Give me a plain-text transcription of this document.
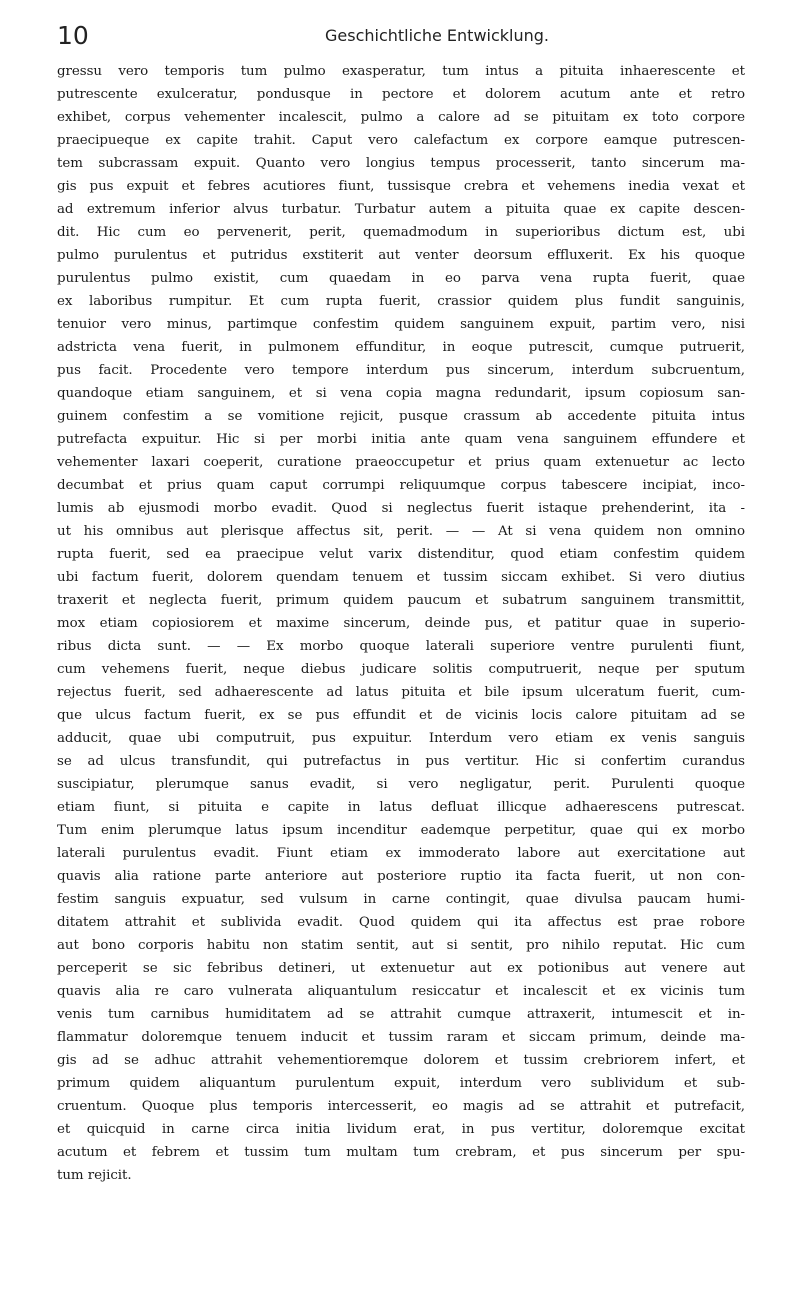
10	Geschichtliche Entwicklung.
gressu vero temporis tum pulmo exasperatur, tum intus a pituita inhaerescente et
putrescente exulceratur, pondusque in pectore et dolorem acutum ante et retro
exhibet, corpus vehementer incalescit, pulmo a calore ad se pituitam ex toto corpore
praecipueque ex capite trahit. Caput vero calefactum ex corpore eamque putrescen-
tem subcrassam expuit. Quanto vero longius tempus processerit, tanto sincerum ma-
gis pus expuit et febres acutiores fiunt, tussisque crebra et vehemens inedia vexat et
ad extremum inferior alvus turbatur. Turbatur autem a pituita quae ex capite descen-
dit. Hic cum eo pervenerit, perit, quemadmodum in superioribus dictum est, ubi
pulmo purulentus et putridus exstiterit aut venter deorsum effluxerit. Ex his quoque
purulentus pulmo existit, cum quaedam in eo parva vena rupta fuerit, quae
ex laboribus rumpitur. Et cum rupta fuerit, crassior quidem plus fundit sanguinis,
tenuior vero minus, partimque confestim quidem sanguinem expuit, partim vero, nisi
adstricta vena fuerit, in pulmonem effunditur, in eoque putrescit, cumque putruerit,
pus facit. Procedente vero tempore interdum pus sincerum, interdum subcruentum,
quandoque etiam sanguinem, et si vena copia magna redundarit, ipsum copiosum san-
guinem confestim a se vomitione rejicit, pusque crassum ab accedente pituita intus
putrefacta expuitur. Hic si per morbi initia ante quam vena sanguinem effundere et
vehementer laxari coeperit, curatione praeoccupetur et prius quam extenuetur ac lecto
decumbat et prius quam caput corrumpi reliquumque corpus tabescere incipiat, inco-
lumis ab ejusmodi morbo evadit. Quod si neglectus fuerit istaque prehenderint, ita -
ut his omnibus aut plerisque affectus sit, perit. — — At si vena quidem non omnino
rupta fuerit, sed ea praecipue velut varix distenditur, quod etiam confestim quidem
ubi factum fuerit, dolorem quendam tenuem et tussim siccam exhibet. Si vero diutius
traxerit et neglecta fuerit, primum quidem paucum et subatrum sanguinem transmittit,
mox etiam copiosiorem et maxime sincerum, deinde pus, et patitur quae in superio-
ribus dicta sunt. — — Ex morbo quoque laterali superiore ventre purulenti fiunt,
cum vehemens fuerit, neque diebus judicare solitis computruerit, neque per sputum
rejectus fuerit, sed adhaerescente ad latus pituita et bile ipsum ulceratum fuerit, cum-
que ulcus factum fuerit, ex se pus effundit et de vicinis locis calore pituitam ad se
adducit, quae ubi computruit, pus expuitur. Interdum vero etiam ex venis sanguis
se ad ulcus transfundit, qui putrefactus in pus vertitur. Hic si confertim curandus
suscipiatur, plerumque sanus evadit, si vero negligatur, perit. Purulenti quoque
etiam fiunt, si pituita e capite in latus defluat illicque adhaerescens putrescat.
Tum enim plerumque latus ipsum incenditur eademque perpetitur, quae qui ex morbo
laterali purulentus evadit. Fiunt etiam ex immoderato labore aut exercitatione aut
quavis alia ratione parte anteriore aut posteriore ruptio ita facta fuerit, ut non con-
festim sanguis expuatur, sed vulsum in carne contingit, quae divulsa paucam humi-
ditatem attrahit et sublivida evadit. Quod quidem qui ita affectus est prae robore
aut bono corporis habitu non statim sentit, aut si sentit, pro nihilo reputat. Hic cum
perceperit se sic febribus detineri, ut extenuetur aut ex potionibus aut venere aut
quavis alia re caro vulnerata aliquantulum resiccatur et incalescit et ex vicinis tum
venis tum carnibus humiditatem ad se attrahit cumque attraxerit, intumescit et in-
flammatur doloremque tenuem inducit et tussim raram et siccam primum, deinde ma-
gis ad se adhuc attrahit vehementioremque dolorem et tussim crebriorem infert, et
primum quidem aliquantum purulentum expuit, interdum vero sublividum et sub-
cruentum. Quoque plus temporis intercesserit, eo magis ad se attrahit et putrefacit,
et quicquid in carne circa initia lividum erat, in pus vertitur, doloremque excitat
acutum et febrem et tussim tum multam tum crebram, et pus sincerum per spu-
tum rejicit.
